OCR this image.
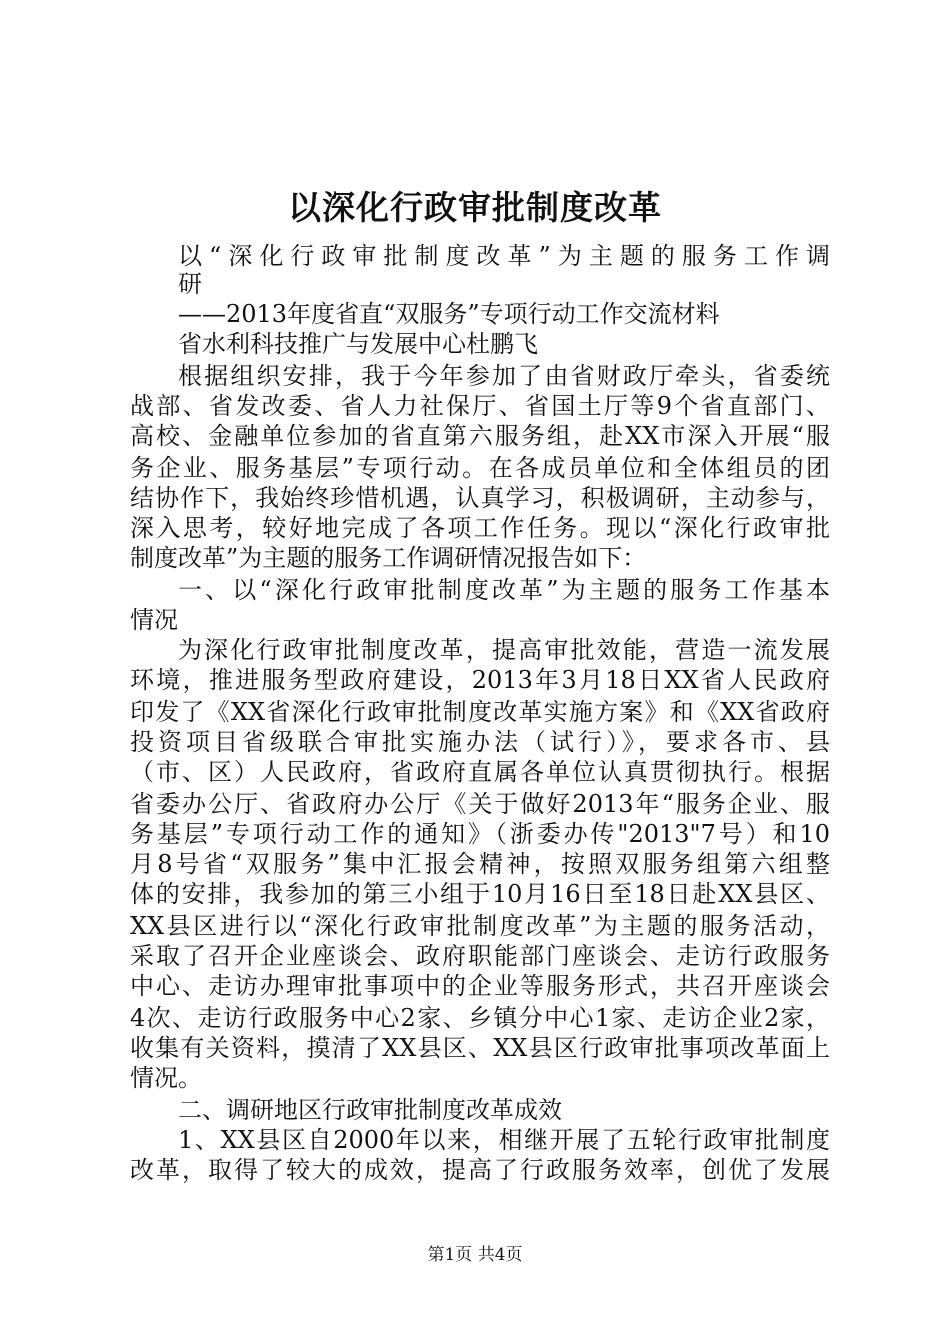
以深化行政审批制度改革
以“深化行政审批制度改革”为主题的服务工作调
研
——2013年度省直“双服务”专项行动工作交流材料
省水利科技推广与发展中心杜鹏飞
根据组织安排，我于今年参加了由省财政厅牵头，省委统
战部、省发改委、省人力社保厅、省国土厅等9个省直部门、
高校、金融单位参加的省直第六服务组，赴XX市深入开展“服
务企业、服务基层”专项行动。在各成员单位和全体组员的团
结协作下，我始终珍惜机遇，认真学习，积极调研，主动参与，
深入思考，较好地完成了各项工作任务。现以“深化行政审批
制度改革”为主题的服务工作调研情况报告如下：
一、以“深化行政审批制度改革”为主题的服务工作基本
情况
为深化行政审批制度改革，提高审批效能，营造一流发展
环境，推进服务型政府建设，2013年3月18日XX省人民政府
印发了《XX省深化行政审批制度改革实施方案》和《XX省政府
投资项目省级联合审批实施办法（试行）》，要求各市、县
（市、区）人民政府，省政府直属各单位认真贯彻执行。根据
省委办公厅、省政府办公厅《关于做好2013年“服务企业、服
务基层”专项行动工作的通知》（浙委办传"2013"7号）和10
月8号省“双服务”集中汇报会精神，按照双服务组第六组整
体的安排，我参加的第三小组于10月16日至18日赴XX县区、
XX县区进行以“深化行政审批制度改革”为主题的服务活动，
采取了召开企业座谈会、政府职能部门座谈会、走访行政服务
中心、走访办理审批事项中的企业等服务形式，共召开座谈会
4次、走访行政服务中心2家、乡镇分中心1家、走访企业2家，
收集有关资料，摸清了XX县区、XX县区行政审批事项改革面上
情况。
二、调研地区行政审批制度改革成效
1、XX县区自2000年以来，相继开展了五轮行政审批制度
改革，取得了较大的成效，提高了行政服务效率，创优了发展
第1页 共4页
